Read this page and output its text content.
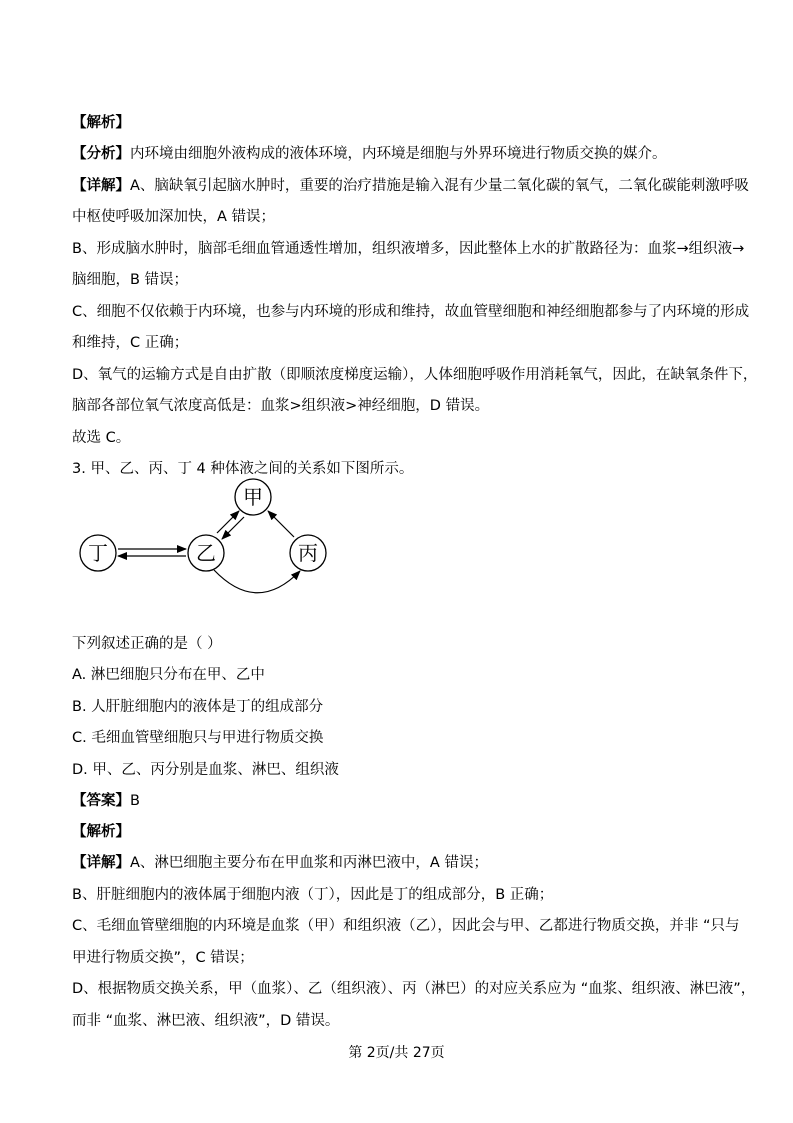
【解析】
【分析】内环境由细胞外液构成的液体环境，内环境是细胞与外界环境进行物质交换的媒介。
【详解】A、脑缺氧引起脑水肿时，重要的治疗措施是输入混有少量二氧化碳的氧气，二氧化碳能刺激呼吸
中枢使呼吸加深加快，A 错误；
B、形成脑水肿时，脑部毛细血管通透性增加，组织液增多，因此整体上水的扩散路径为：血浆→组织液→
脑细胞，B 错误；
C、细胞不仅依赖于内环境，也参与内环境的形成和维持，故血管壁细胞和神经细胞都参与了内环境的形成
和维持，C 正确；
D、氧气的运输方式是自由扩散（即顺浓度梯度运输），人体细胞呼吸作用消耗氧气，因此，在缺氧条件下，
脑部各部位氧气浓度高低是：血浆>组织液>神经细胞，D 错误。
故选 C。
3. 甲、乙、丙、丁 4 种体液之间的关系如下图所示。
甲
乙	丙
丁
下列叙述正确的是（ ）
A. 淋巴细胞只分布在甲、乙中
B. 人肝脏细胞内的液体是丁的组成部分
C. 毛细血管壁细胞只与甲进行物质交换
D. 甲、乙、丙分别是血浆、淋巴、组织液
【答案】B
【解析】
【详解】A、淋巴细胞主要分布在甲血浆和丙淋巴液中，A 错误；
B、肝脏细胞内的液体属于细胞内液（丁），因此是丁的组成部分，B 正确；
C、毛细血管壁细胞的内环境是血浆（甲）和组织液（乙），因此会与甲、乙都进行物质交换，并非 “只与
甲进行物质交换”，C 错误；
D、根据物质交换关系，甲（血浆）、乙（组织液）、丙（淋巴）的对应关系应为 “血浆、组织液、淋巴液”，
而非 “血浆、淋巴液、组织液”，D 错误。
第 2页/共 27页
